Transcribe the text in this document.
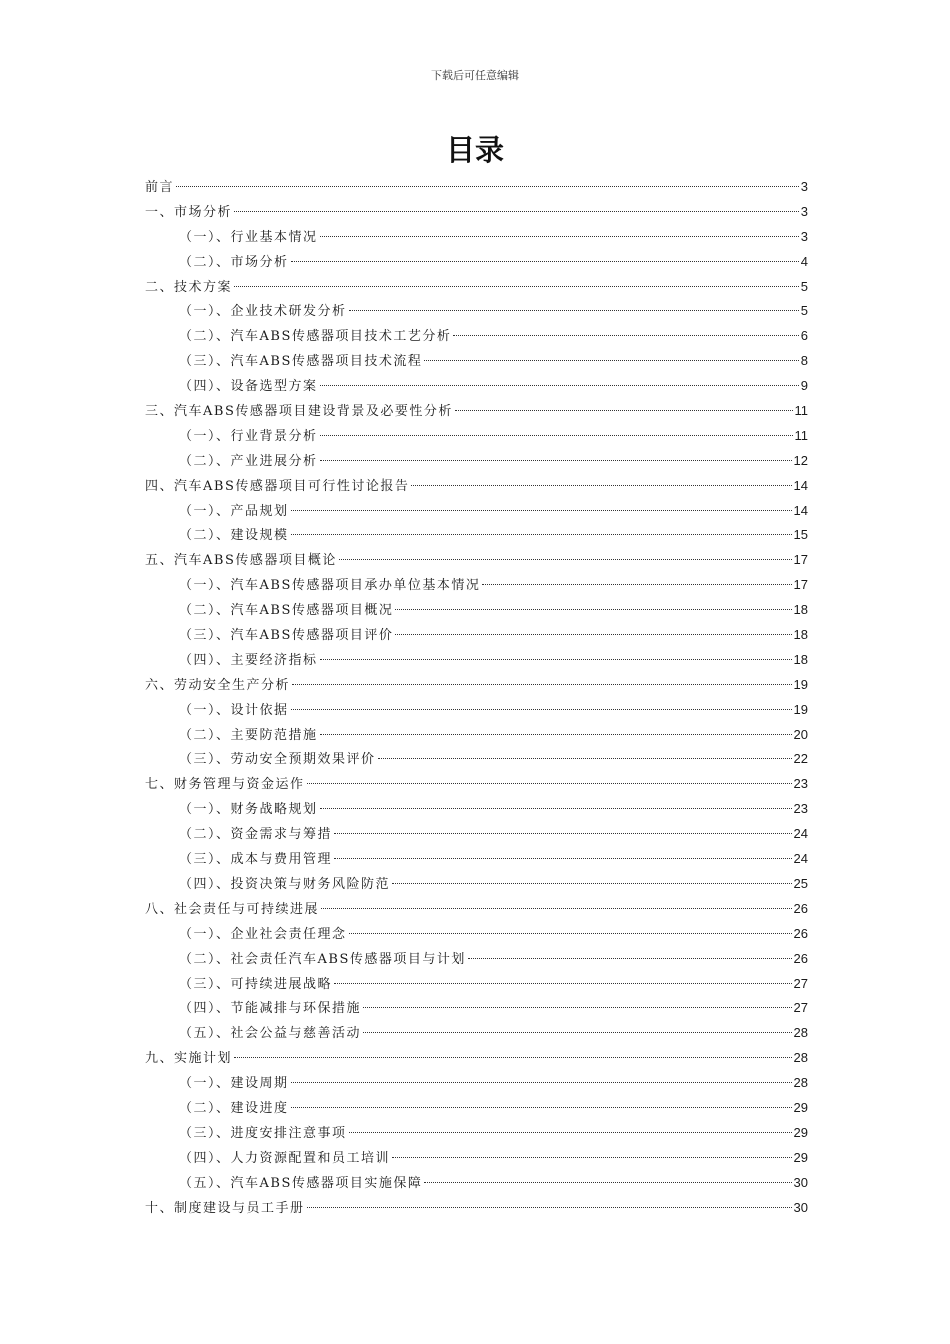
下载后可任意编辑
目录
前言	3
一、市场分析	3
（一）、行业基本情况	3
（二）、市场分析	4
二、技术方案	5
（一）、企业技术研发分析	5
（二）、汽车ABS传感器项目技术工艺分析	6
（三）、汽车ABS传感器项目技术流程	8
（四）、设备选型方案	9
三、汽车ABS传感器项目建设背景及必要性分析	11
（一）、行业背景分析	11
（二）、产业进展分析	12
四、汽车ABS传感器项目可行性讨论报告	14
（一）、产品规划	14
（二）、建设规模	15
五、汽车ABS传感器项目概论	17
（一）、汽车ABS传感器项目承办单位基本情况	17
（二）、汽车ABS传感器项目概况	18
（三）、汽车ABS传感器项目评价	18
（四）、主要经济指标	18
六、劳动安全生产分析	19
（一）、设计依据	19
（二）、主要防范措施	20
（三）、劳动安全预期效果评价	22
七、财务管理与资金运作	23
（一）、财务战略规划	23
（二）、资金需求与筹措	24
（三）、成本与费用管理	24
（四）、投资决策与财务风险防范	25
八、社会责任与可持续进展	26
（一）、企业社会责任理念	26
（二）、社会责任汽车ABS传感器项目与计划	26
（三）、可持续进展战略	27
（四）、节能减排与环保措施	27
（五）、社会公益与慈善活动	28
九、实施计划	28
（一）、建设周期	28
（二）、建设进度	29
（三）、进度安排注意事项	29
（四）、人力资源配置和员工培训	29
（五）、汽车ABS传感器项目实施保障	30
十、制度建设与员工手册	30
